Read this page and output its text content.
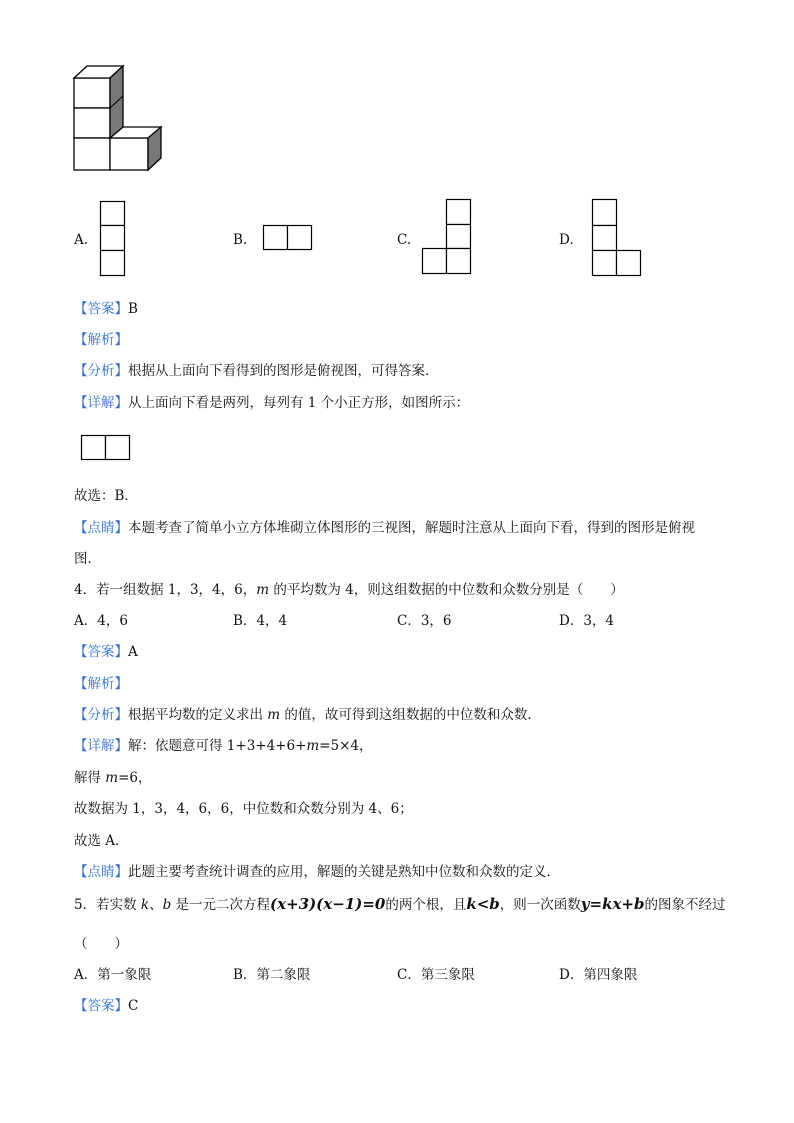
A.	B.	C.	D.
【答案】B
【解析】
【分析】根据从上面向下看得到的图形是俯视图，可得答案．
【详解】从上面向下看是两列，每列有 1 个小正方形，如图所示：
故选：B．
【点睛】本题考查了简单小立方体堆砌立体图形的三视图，解题时注意从上面向下看，得到的图形是俯视
图．
4．若一组数据 1，3，4，6，m 的平均数为 4，则这组数据的中位数和众数分别是（　　）
A．4，6	B．4，4	C．3，6	D．3，4
【答案】A
【解析】
【分析】根据平均数的定义求出 m 的值，故可得到这组数据的中位数和众数．
【详解】解：依题意可得 1+3+4+6+m=5×4，
解得 m=6，
故数据为 1，3，4，6，6，中位数和众数分别为 4、6；
故选 A．
【点睛】此题主要考查统计调查的应用，解题的关键是熟知中位数和众数的定义．
5．若实数 k、b 是一元二次方程(x+3)(x−1)=0的两个根，且k<b，则一次函数y=kx+b的图象不经过
（　　）
A．第一象限	B．第二象限	C．第三象限	D．第四象限
【答案】C
